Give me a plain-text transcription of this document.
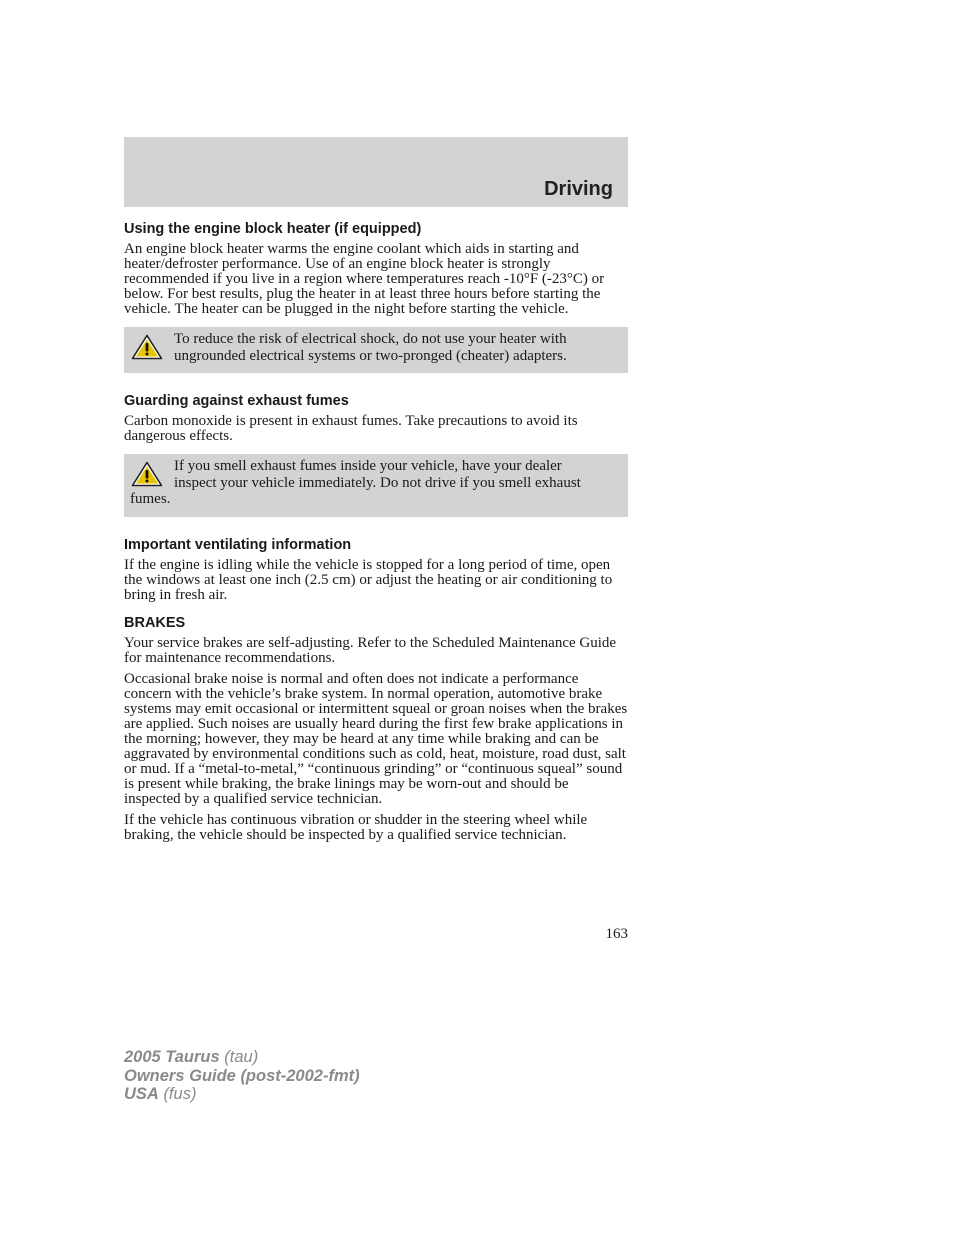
Driving
Using the engine block heater (if equipped)

An engine block heater warms the engine coolant which aids in starting and heater/defroster performance. Use of an engine block heater is strongly recommended if you live in a region where temperatures reach -10°F (-23°C) or below. For best results, plug the heater in at least three hours before starting the vehicle. The heater can be plugged in the night before starting the vehicle.

To reduce the risk of electrical shock, do not use your heater with ungrounded electrical systems or two-pronged (cheater) adapters.
Guarding against exhaust fumes

Carbon monoxide is present in exhaust fumes. Take precautions to avoid its dangerous effects.

If you smell exhaust fumes inside your vehicle, have your dealer inspect your vehicle immediately. Do not drive if you smell exhaust fumes.
Important ventilating information

If the engine is idling while the vehicle is stopped for a long period of time, open the windows at least one inch (2.5 cm) or adjust the heating or air conditioning to bring in fresh air.

BRAKES

Your service brakes are self-adjusting. Refer to the Scheduled Maintenance Guide for maintenance recommendations.

Occasional brake noise is normal and often does not indicate a performance concern with the vehicle’s brake system. In normal operation, automotive brake systems may emit occasional or intermittent squeal or groan noises when the brakes are applied. Such noises are usually heard during the first few brake applications in the morning; however, they may be heard at any time while braking and can be aggravated by environmental conditions such as cold, heat, moisture, road dust, salt or mud. If a “metal-to-metal,” “continuous grinding” or “continuous squeal” sound is present while braking, the brake linings may be worn-out and should be inspected by a qualified service technician.

If the vehicle has continuous vibration or shudder in the steering wheel while braking, the vehicle should be inspected by a qualified service technician.

163
2005 Taurus (tau)
Owners Guide (post-2002-fmt)
USA (fus)
